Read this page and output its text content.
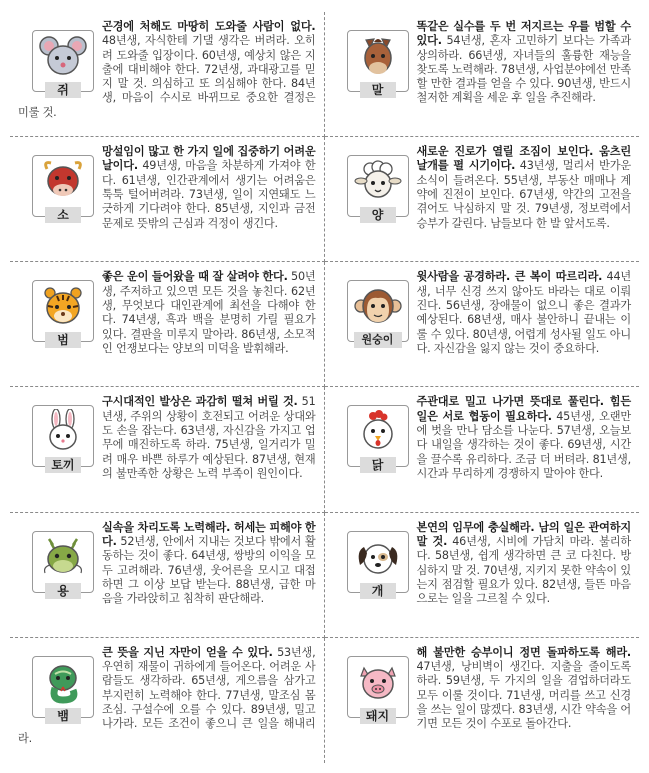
쥐

곤경에 처해도 마땅히 도와줄 사람이 없다. 48년생, 자식한테 기댈 생각은 버려라. 오히려 도와줄 입장이다. 60년생, 예상치 않은 지출에 대비해야 한다. 72년생, 과대광고를 믿지 말 것. 의심하고 또 의심해야 한다. 84년생, 마음이 수시로 바뀌므로 중요한 결정은 미룰 것.

말

똑같은 실수를 두 번 저지르는 우를 범할 수 있다. 54년생, 혼자 고민하기 보다는 가족과 상의하라. 66년생, 자녀들의 훌륭한 재능을 찾도록 노력해라. 78년생, 사업분야에선 만족할 만한 결과를 얻을 수 있다. 90년생, 반드시 철저한 계획을 세운 후 일을 추진해라.

소

망설임이 많고 한 가지 일에 집중하기 어려운 날이다. 49년생, 마음을 차분하게 가져야 한다. 61년생, 인간관계에서 생기는 어려움은 툭툭 털어버려라. 73년생, 일이 지연돼도 느긋하게 기다려야 한다. 85년생, 지인과 금전문제로 뜻밖의 근심과 걱정이 생긴다.

양

새로운 진로가 열릴 조짐이 보인다. 움츠린 날개를 펼 시기이다. 43년생, 멀리서 반가운 소식이 들려온다. 55년생, 부동산 매매나 계약에 진전이 보인다. 67년생, 약간의 고전을 겪어도 낙심하지 말 것. 79년생, 정보력에서 승부가 갈린다. 남들보다 한 발 앞서도록.

범

좋은 운이 들어왔을 때 잘 살려야 한다. 50년생, 주저하고 있으면 모든 것을 놓친다. 62년생, 무엇보다 대인관계에 최선을 다해야 한다. 74년생, 흑과 백을 분명히 가릴 필요가 있다. 결판을 미루지 말아라. 86년생, 소모적인 언쟁보다는 양보의 미덕을 발휘해라.

원숭이

윗사람을 공경하라. 큰 복이 따르리라. 44년생, 너무 신경 쓰지 않아도 바라는 대로 이뤄진다. 56년생, 장애물이 없으니 좋은 결과가 예상된다. 68년생, 매사 불안하니 끝내는 이룰 수 있다. 80년생, 어렵게 성사될 일도 아니다. 자신감을 잃지 않는 것이 중요하다.

토끼

구시대적인 발상은 과감히 떨쳐 버릴 것. 51년생, 주위의 상황이 호전되고 어려운 상대와도 손을 잡는다. 63년생, 자신감을 가지고 업무에 매진하도록 하라. 75년생, 일거리가 밀려 매우 바쁜 하루가 예상된다. 87년생, 현재의 불만족한 상황은 노력 부족이 원인이다.

닭

주관대로 밀고 나가면 뜻대로 풀린다. 힘든 일은 서로 협동이 필요하다. 45년생, 오랜만에 벗을 만나 담소를 나눈다. 57년생, 오늘보다 내일을 생각하는 것이 좋다. 69년생, 시간을 끌수록 유리하다. 조금 더 버텨라. 81년생, 시간과 무리하게 경쟁하지 말아야 한다.

용

실속을 차리도록 노력해라. 허세는 피해야 한다. 52년생, 안에서 지내는 것보다 밖에서 활동하는 것이 좋다. 64년생, 쌍방의 이익을 모두 고려해라. 76년생, 웃어른을 모시고 대접하면 그 이상 보답 받는다. 88년생, 급한 마음을 가라앉히고 침착히 판단해라.

개

본연의 임무에 충실해라. 남의 일은 관여하지 말 것. 46년생, 시비에 가담치 마라. 불리하다. 58년생, 쉽게 생각하면 큰 코 다친다. 방심하지 말 것. 70년생, 지키지 못한 약속이 있는지 점검할 필요가 있다. 82년생, 들뜬 마음으로는 일을 그르칠 수 있다.

뱀

큰 뜻을 지닌 자만이 얻을 수 있다. 53년생, 우연히 재물이 귀하에게 들어온다. 어려운 사람들도 생각하라. 65년생, 게으름을 삼가고 부지런히 노력해야 한다. 77년생, 말조심 몸조심. 구설수에 오를 수 있다. 89년생, 밀고 나가라. 모든 조건이 좋으니 큰 일을 해내리라.

돼지

해 불만한 승부이니 정면 돌파하도록 해라. 47년생, 낭비벽이 생긴다. 지출을 줄이도록 하라. 59년생, 두 가지의 일을 겸업하더라도 모두 이룰 것이다. 71년생, 머리를 쓰고 신경을 쓰는 일이 많겠다. 83년생, 시간 약속을 어기면 모든 것이 수포로 돌아간다.
